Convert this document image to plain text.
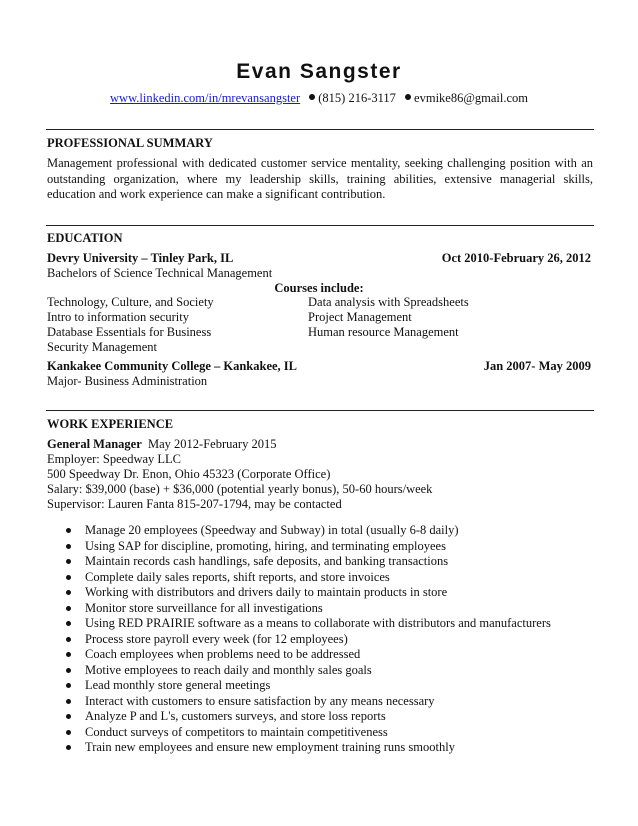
Evan Sangster
www.linkedin.com/in/mrevansangster (815) 216-3117 evmike86@gmail.com
PROFESSIONAL SUMMARY
Management professional with dedicated customer service mentality, seeking challenging position with an outstanding organization, where my leadership skills, training abilities, extensive managerial skills, education and work experience can make a significant contribution.
EDUCATION
Devry University – Tinley Park, IL	Oct 2010-February 26, 2012
Bachelors of Science Technical Management
Courses include:
Technology, Culture, and Society
Intro to information security
Database Essentials for Business
Security Management
Data analysis with Spreadsheets
Project Management
Human resource Management
Kankakee Community College – Kankakee, IL	Jan 2007- May 2009
Major- Business Administration
WORK EXPERIENCE
General Manager May 2012-February 2015
Employer: Speedway LLC
500 Speedway Dr. Enon, Ohio 45323 (Corporate Office)
Salary: $39,000 (base) + $36,000 (potential yearly bonus), 50-60 hours/week
Supervisor: Lauren Fanta 815-207-1794, may be contacted
Manage 20 employees (Speedway and Subway) in total (usually 6-8 daily)
Using SAP for discipline, promoting, hiring, and terminating employees
Maintain records cash handlings, safe deposits, and banking transactions
Complete daily sales reports, shift reports, and store invoices
Working with distributors and drivers daily to maintain products in store
Monitor store surveillance for all investigations
Using RED PRAIRIE software as a means to collaborate with distributors and manufacturers
Process store payroll every week (for 12 employees)
Coach employees when problems need to be addressed
Motive employees to reach daily and monthly sales goals
Lead monthly store general meetings
Interact with customers to ensure satisfaction by any means necessary
Analyze P and L's, customers surveys, and store loss reports
Conduct surveys of competitors to maintain competitiveness
Train new employees and ensure new employment training runs smoothly
